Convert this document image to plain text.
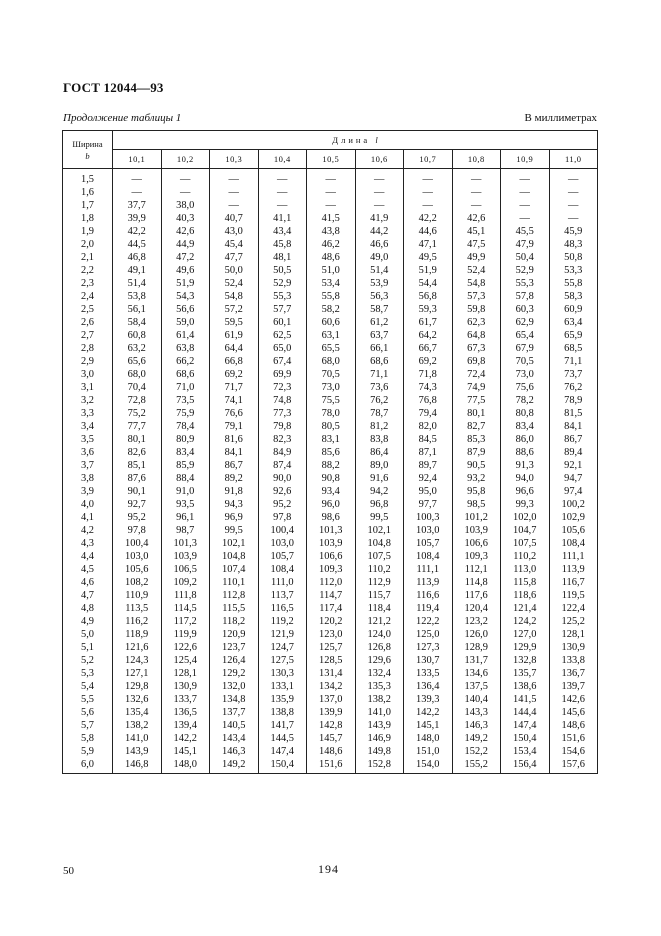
ГОСТ 12044—93
Продолжение таблицы 1	В миллиметрах
Ширина
b	Длина l									
	10,1	10,2	10,3	10,4	10,5	10,6	10,7	10,8	10,9	11,0
1,5	—	—	—	—	—	—	—	—	—	—
1,6	—	—	—	—	—	—	—	—	—	—
1,7	37,7	38,0	—	—	—	—	—	—	—	—
1,8	39,9	40,3	40,7	41,1	41,5	41,9	42,2	42,6	—	—
1,9	42,2	42,6	43,0	43,4	43,8	44,2	44,6	45,1	45,5	45,9
2,0	44,5	44,9	45,4	45,8	46,2	46,6	47,1	47,5	47,9	48,3
2,1	46,8	47,2	47,7	48,1	48,6	49,0	49,5	49,9	50,4	50,8
2,2	49,1	49,6	50,0	50,5	51,0	51,4	51,9	52,4	52,9	53,3
2,3	51,4	51,9	52,4	52,9	53,4	53,9	54,4	54,8	55,3	55,8
2,4	53,8	54,3	54,8	55,3	55,8	56,3	56,8	57,3	57,8	58,3
2,5	56,1	56,6	57,2	57,7	58,2	58,7	59,3	59,8	60,3	60,9
2,6	58,4	59,0	59,5	60,1	60,6	61,2	61,7	62,3	62,9	63,4
2,7	60,8	61,4	61,9	62,5	63,1	63,7	64,2	64,8	65,4	65,9
2,8	63,2	63,8	64,4	65,0	65,5	66,1	66,7	67,3	67,9	68,5
2,9	65,6	66,2	66,8	67,4	68,0	68,6	69,2	69,8	70,5	71,1
3,0	68,0	68,6	69,2	69,9	70,5	71,1	71,8	72,4	73,0	73,7
3,1	70,4	71,0	71,7	72,3	73,0	73,6	74,3	74,9	75,6	76,2
3,2	72,8	73,5	74,1	74,8	75,5	76,2	76,8	77,5	78,2	78,9
3,3	75,2	75,9	76,6	77,3	78,0	78,7	79,4	80,1	80,8	81,5
3,4	77,7	78,4	79,1	79,8	80,5	81,2	82,0	82,7	83,4	84,1
3,5	80,1	80,9	81,6	82,3	83,1	83,8	84,5	85,3	86,0	86,7
3,6	82,6	83,4	84,1	84,9	85,6	86,4	87,1	87,9	88,6	89,4
3,7	85,1	85,9	86,7	87,4	88,2	89,0	89,7	90,5	91,3	92,1
3,8	87,6	88,4	89,2	90,0	90,8	91,6	92,4	93,2	94,0	94,7
3,9	90,1	91,0	91,8	92,6	93,4	94,2	95,0	95,8	96,6	97,4
4,0	92,7	93,5	94,3	95,2	96,0	96,8	97,7	98,5	99,3	100,2
4,1	95,2	96,1	96,9	97,8	98,6	99,5	100,3	101,2	102,0	102,9
4,2	97,8	98,7	99,5	100,4	101,3	102,1	103,0	103,9	104,7	105,6
4,3	100,4	101,3	102,1	103,0	103,9	104,8	105,7	106,6	107,5	108,4
4,4	103,0	103,9	104,8	105,7	106,6	107,5	108,4	109,3	110,2	111,1
4,5	105,6	106,5	107,4	108,4	109,3	110,2	111,1	112,1	113,0	113,9
4,6	108,2	109,2	110,1	111,0	112,0	112,9	113,9	114,8	115,8	116,7
4,7	110,9	111,8	112,8	113,7	114,7	115,7	116,6	117,6	118,6	119,5
4,8	113,5	114,5	115,5	116,5	117,4	118,4	119,4	120,4	121,4	122,4
4,9	116,2	117,2	118,2	119,2	120,2	121,2	122,2	123,2	124,2	125,2
5,0	118,9	119,9	120,9	121,9	123,0	124,0	125,0	126,0	127,0	128,1
5,1	121,6	122,6	123,7	124,7	125,7	126,8	127,3	128,9	129,9	130,9
5,2	124,3	125,4	126,4	127,5	128,5	129,6	130,7	131,7	132,8	133,8
5,3	127,1	128,1	129,2	130,3	131,4	132,4	133,5	134,6	135,7	136,7
5,4	129,8	130,9	132,0	133,1	134,2	135,3	136,4	137,5	138,6	139,7
5,5	132,6	133,7	134,8	135,9	137,0	138,2	139,3	140,4	141,5	142,6
5,6	135,4	136,5	137,7	138,8	139,9	141,0	142,2	143,3	144,4	145,6
5,7	138,2	139,4	140,5	141,7	142,8	143,9	145,1	146,3	147,4	148,6
5,8	141,0	142,2	143,4	144,5	145,7	146,9	148,0	149,2	150,4	151,6
5,9	143,9	145,1	146,3	147,4	148,6	149,8	151,0	152,2	153,4	154,6
6,0	146,8	148,0	149,2	150,4	151,6	152,8	154,0	155,2	156,4	157,6
50	194
